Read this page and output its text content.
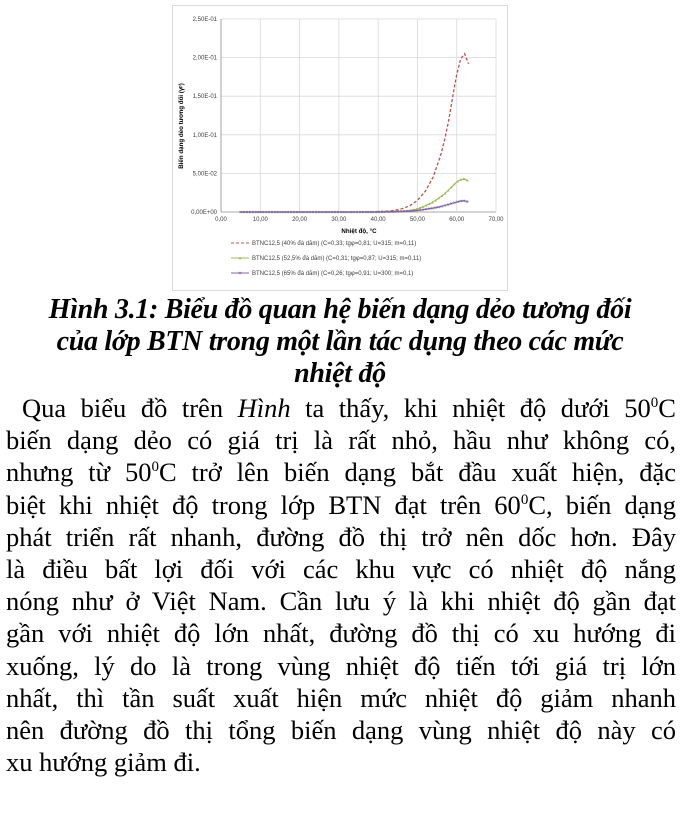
0,00E+00
5,00E-02
1,00E-01
1,50E-01
2,00E-01
2,50E-01
0,00	10,00	20,00	30,00	40,00	50,00	60,00	70,00
Biến dạng dẻo tương đối (γᵖ)
Nhiệt độ, °C
BTNC12,5 (40% đá dăm) (C=0,33; tgφ=0,81; U=315; m=0,11)
BTNC12,5 (52,5% đá dăm) (C=0,31; tgφ=0,87; U=315; m=0,11)
BTNC12,5 (65% đá dăm) (C=0,26; tgφ=0,91; U=300; m=0,1)
Hình 3.1: Biểu đồ quan hệ biến dạng dẻo tương đối
của lớp BTN trong một lần tác dụng theo các mức
nhiệt độ
Qua biểu đồ trên Hình ta thấy, khi nhiệt độ dưới $50^0C$
biến dạng dẻo có giá trị là rất nhỏ, hầu như không có,
nhưng từ $50^0C$ trở lên biến dạng bắt đầu xuất hiện, đặc
biệt khi nhiệt độ trong lớp BTN đạt trên $60^0C$, biến dạng
phát triển rất nhanh, đường đồ thị trở nên dốc hơn. Đây
là điều bất lợi đối với các khu vực có nhiệt độ nắng
nóng như ở Việt Nam. Cần lưu ý là khi nhiệt độ gần đạt
gần với nhiệt độ lớn nhất, đường đồ thị có xu hướng đi
xuống, lý do là trong vùng nhiệt độ tiến tới giá trị lớn
nhất, thì tần suất xuất hiện mức nhiệt độ giảm nhanh
nên đường đồ thị tổng biến dạng vùng nhiệt độ này có
xu hướng giảm đi.
